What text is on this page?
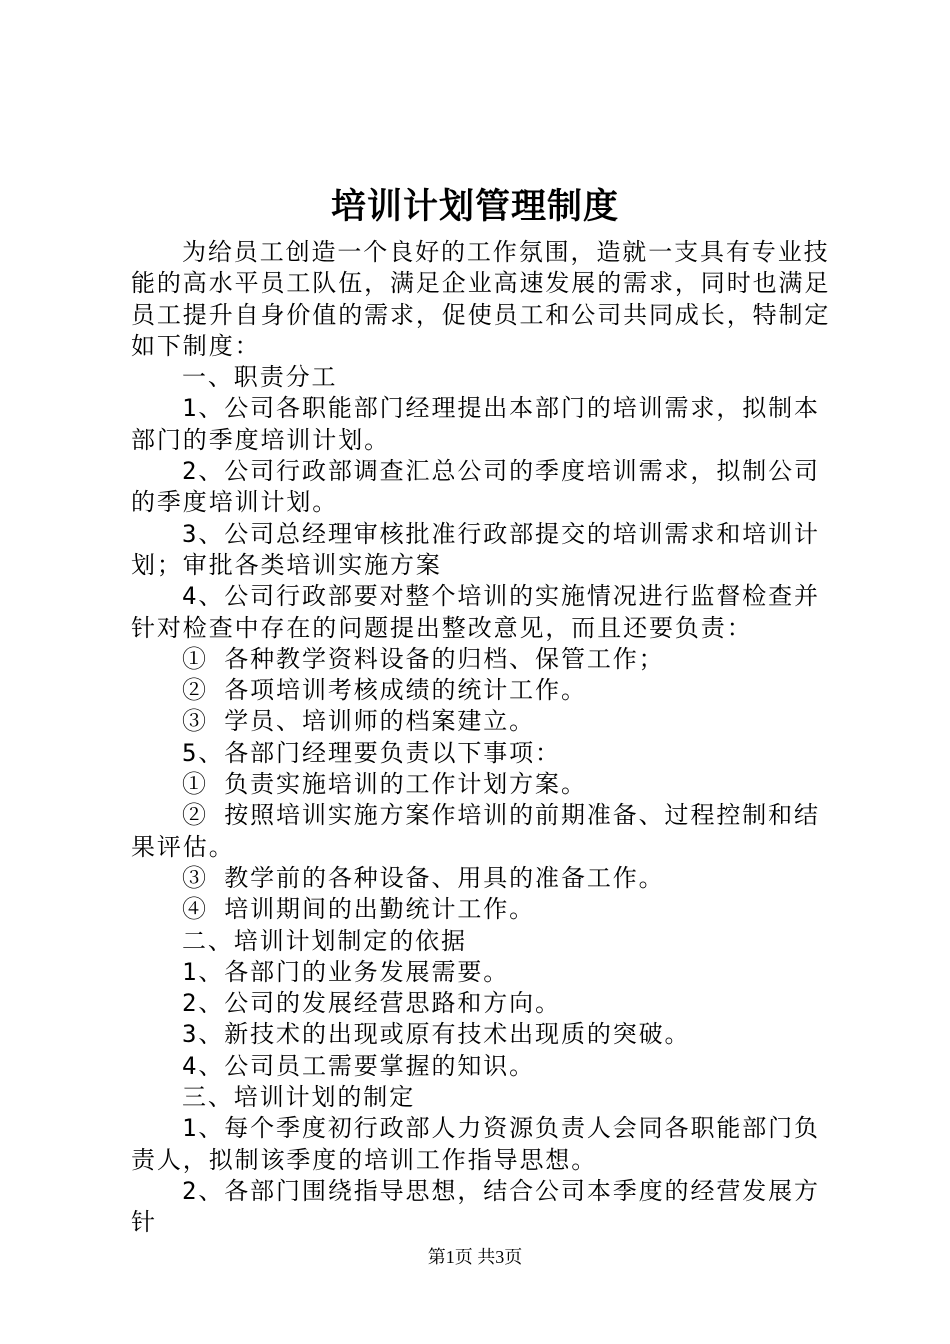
培训计划管理制度

为给员工创造一个良好的工作氛围，造就一支具有专业技能的高水平员工队伍，满足企业高速发展的需求，同时也满足员工提升自身价值的需求，促使员工和公司共同成长，特制定如下制度：

一、职责分工

1、公司各职能部门经理提出本部门的培训需求，拟制本部门的季度培训计划。

2、公司行政部调查汇总公司的季度培训需求，拟制公司的季度培训计划。

3、公司总经理审核批准行政部提交的培训需求和培训计划；审批各类培训实施方案

4、公司行政部要对整个培训的实施情况进行监督检查并针对检查中存在的问题提出整改意见，而且还要负责：

① 各种教学资料设备的归档、保管工作；

② 各项培训考核成绩的统计工作。

③ 学员、培训师的档案建立。

5、各部门经理要负责以下事项：

① 负责实施培训的工作计划方案。

② 按照培训实施方案作培训的前期准备、过程控制和结果评估。

③ 教学前的各种设备、用具的准备工作。

④ 培训期间的出勤统计工作。

二、培训计划制定的依据

1、各部门的业务发展需要。

2、公司的发展经营思路和方向。

3、新技术的出现或原有技术出现质的突破。

4、公司员工需要掌握的知识。

三、培训计划的制定

1、每个季度初行政部人力资源负责人会同各职能部门负责人，拟制该季度的培训工作指导思想。

2、各部门围绕指导思想，结合公司本季度的经营发展方针

第1页 共3页
